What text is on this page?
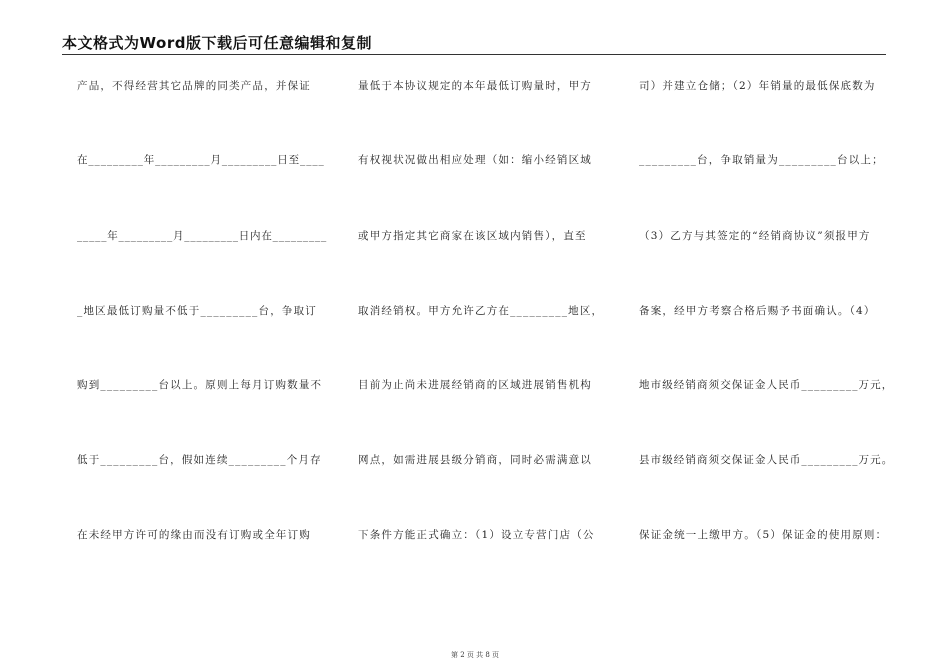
本文格式为Word版下载后可任意编辑和复制
产品，不得经营其它品牌的同类产品，并保证
在_________年_________月_________日至____
_____年_________月_________日内在_________
_地区最低订购量不低于_________台，争取订
购到_________台以上。原则上每月订购数量不
低于_________台，假如连续_________个月存
在未经甲方许可的缘由而没有订购或全年订购
量低于本协议规定的本年最低订购量时，甲方
有权视状况做出相应处理（如：缩小经销区域
或甲方指定其它商家在该区域内销售），直至
取消经销权。甲方允许乙方在_________地区，
目前为止尚未进展经销商的区域进展销售机构
网点，如需进展县级分销商，同时必需满意以
下条件方能正式确立：（1）设立专营门店（公
司）并建立仓储；（2）年销量的最低保底数为
_________台，争取销量为_________台以上；
（3）乙方与其签定的“经销商协议”须报甲方
备案，经甲方考察合格后赐予书面确认。（4）
地市级经销商须交保证金人民币_________万元，
县市级经销商须交保证金人民币_________万元。
保证金统一上缴甲方。（5）保证金的使用原则：
第 2 页 共 8 页
